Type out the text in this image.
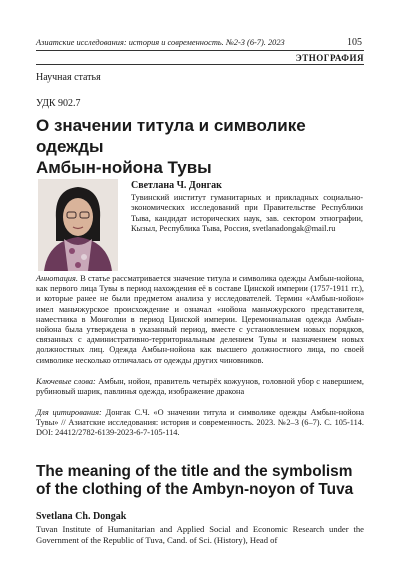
Азиатские исследования: история и современность. №2-3 (6-7). 2023	105
ЭТНОГРАФИЯ
Научная статья
УДК 902.7
О значении титула и символике одежды
Амбын-нойона Тувы
Светлана Ч. Донгак
Тувинский институт гуманитарных и прикладных социально-экономических исследований при Правительстве Республики Тыва, кандидат исторических наук, зав. сектором этнографии, Кызыл, Республика Тыва, Россия, svetlanadongak@mail.ru
Аннотация. В статье рассматривается значение титула и символика одежды Амбын-нойона, как первого лица Тувы в период нахождения её в составе Цинской империи (1757-1911 гг.), и которые ранее не были предметом анализа у исследователей. Термин «Амбын-нойон» имел маньчжурское происхождение и означал «нойона маньчжурского представителя, наместника в Монголии в период Цинской империи. Церемониальная одежда Амбын-нойона была утверждена в указанный период, вместе с установлением новых порядков, связанных с административно-территориальным делением Тувы и назначением новых должностных лиц. Одежда Амбын-нойона как высшего должностного лица, по своей символике несколько отличалась от одежды других чиновников.
Ключевые слова: Амбын, нойон, правитель четырёх кожуунов, головной убор с навершием, рубиновый шарик, павлинья одежда, изображение дракона
Для цитирования: Донгак С.Ч. «О значении титула и символике одежды Амбын-нойона Тувы» // Азиатские исследования: история и современность. 2023. №2–3 (6–7). С. 105-114. DOI: 24412/2782-6139-2023-6-7-105-114.
The meaning of the title and the symbolism
of the clothing of the Ambyn-noyon of Tuva
Svetlana Ch. Dongak
Tuvan Institute of Humanitarian and Applied Social and Economic Research under the Government of the Republic of Tuva, Cand. of Sci. (History), Head of
